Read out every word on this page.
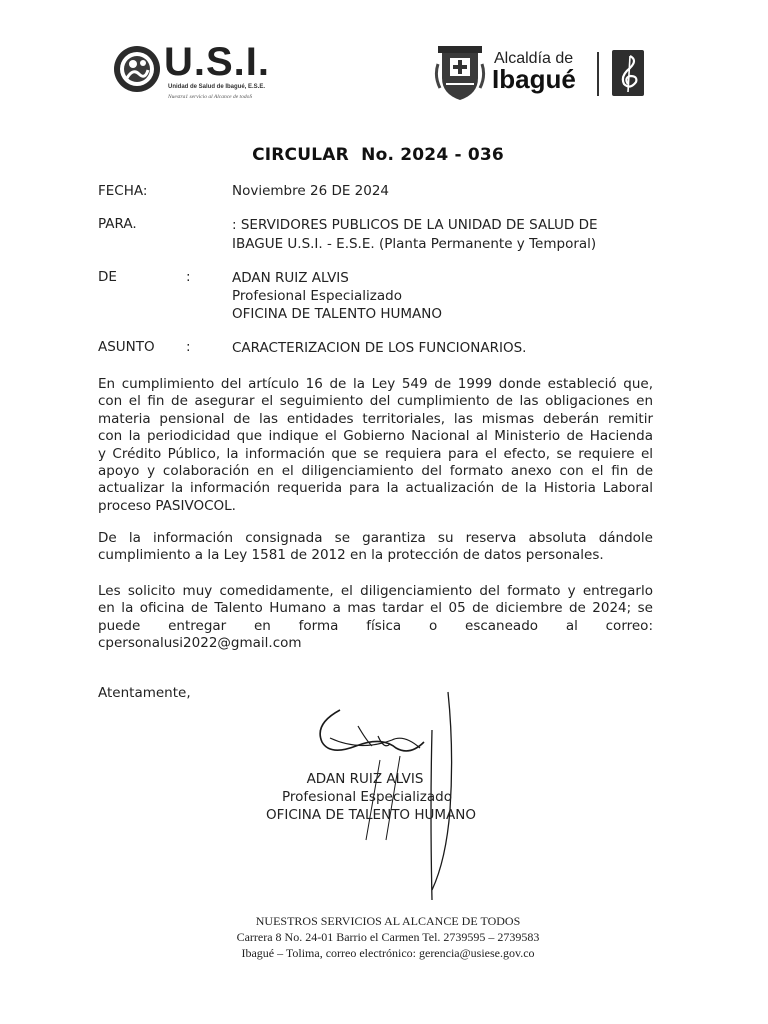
U.S.I.
Unidad de Salud de Ibagué, E.S.E.
Nuestra1 servicio al Alcance de todoS
Alcaldía de
Ibagué
CIRCULAR  No. 2024 - 036
FECHA:	Noviembre 26 DE 2024
PARA.	: SERVIDORES PUBLICOS DE LA UNIDAD DE SALUD DE
IBAGUE U.S.I. - E.S.E. (Planta Permanente y Temporal)
DE	:	ADAN RUIZ ALVIS
Profesional Especializado
OFICINA DE TALENTO HUMANO
ASUNTO :	CARACTERIZACION DE LOS FUNCIONARIOS.
En cumplimiento del artículo 16 de la Ley 549 de 1999 donde estableció que,
con el fin de asegurar el seguimiento del cumplimiento de las obligaciones en
materia pensional de las entidades territoriales, las mismas deberán remitir
con la periodicidad que indique el Gobierno Nacional al Ministerio de Hacienda
y Crédito Público, la información que se requiera para el efecto, se requiere el
apoyo y colaboración en el diligenciamiento del formato anexo con el fin de
actualizar la información requerida para la actualización de la Historia Laboral
proceso PASIVOCOL.
De la información consignada se garantiza su reserva absoluta dándole
cumplimiento a la Ley 1581 de 2012 en la protección de datos personales.
Les solicito muy comedidamente, el diligenciamiento del formato y entregarlo
en la oficina de Talento Humano a mas tardar el 05 de diciembre de 2024; se
puede entregar en forma física o escaneado al correo:
cpersonalusi2022@gmail.com
Atentamente,
ADAN RUIZ ALVIS
Profesional Especializado
OFICINA DE TALENTO HUMANO
NUESTROS SERVICIOS AL ALCANCE DE TODOS
Carrera 8 No. 24-01 Barrio el Carmen Tel. 2739595 – 2739583
Ibagué – Tolima, correo electrónico: gerencia@usiese.gov.co
